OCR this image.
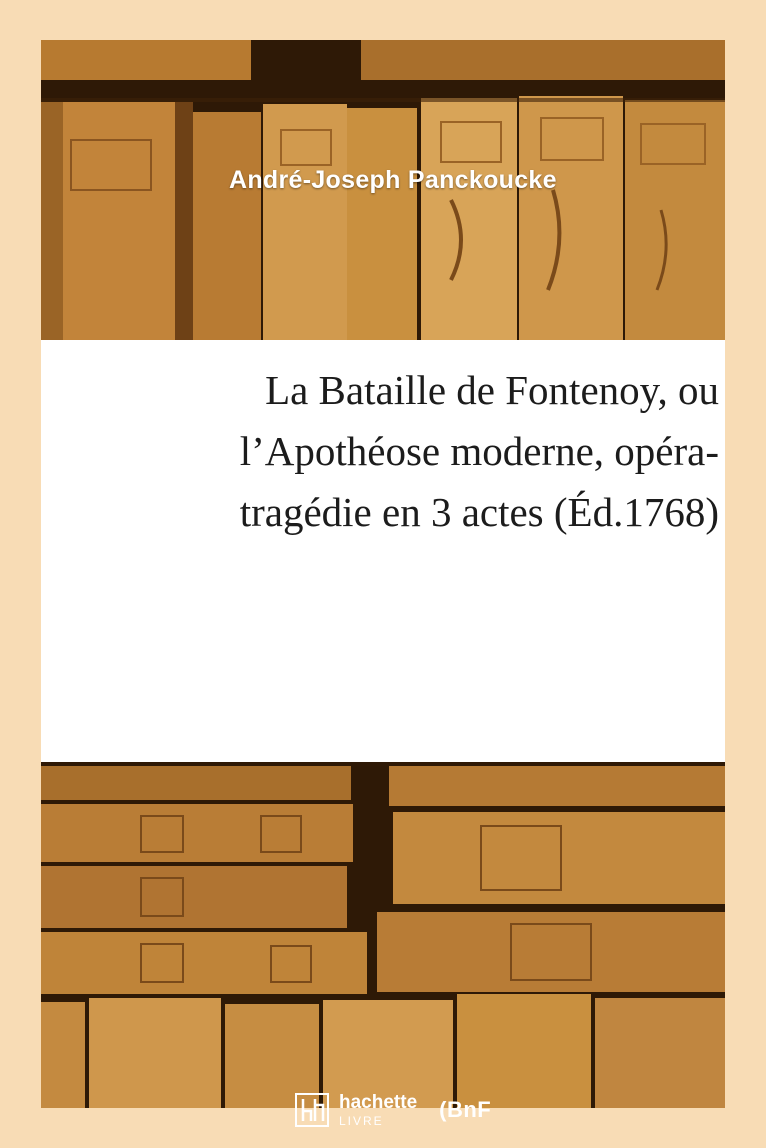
André-Joseph Panckoucke
La Bataille de Fontenoy, ou
l’Apothéose moderne, opéra-
tragédie en 3 actes (Éd.1768)
hachette
LIVRE	(BnF
